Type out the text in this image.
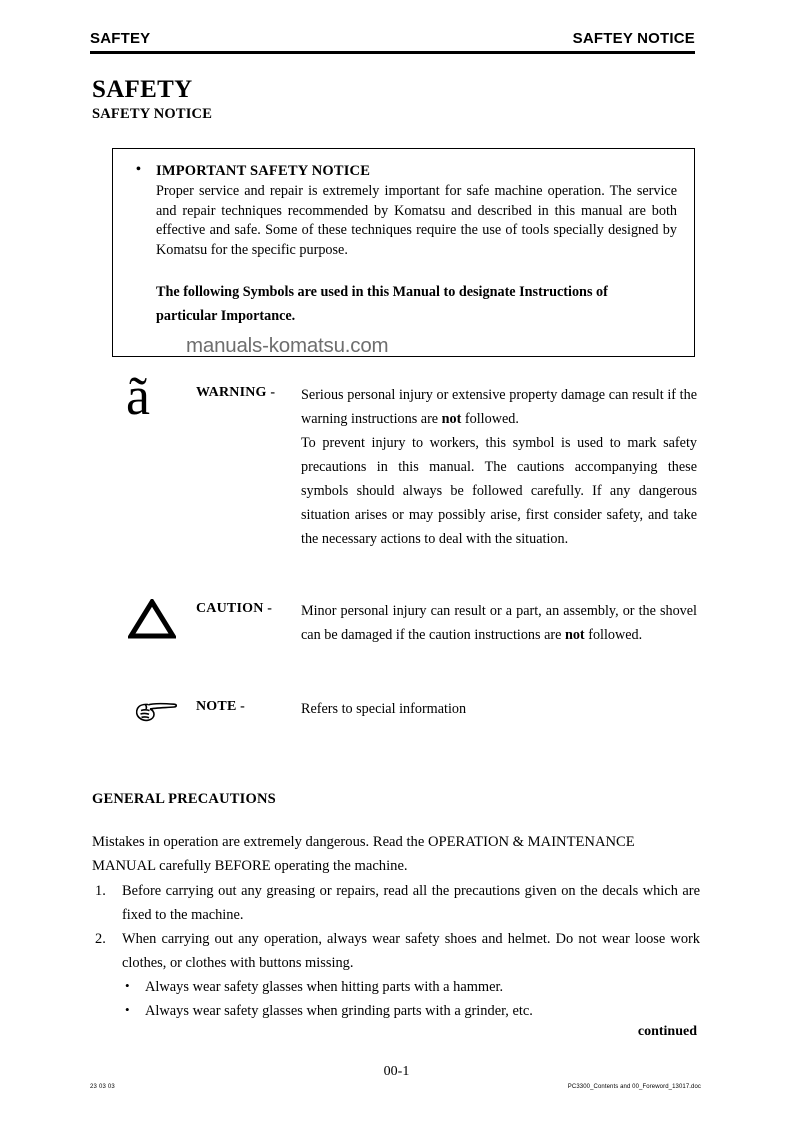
SAFTEY	SAFTEY NOTICE
SAFETY
SAFETY NOTICE
• IMPORTANT SAFETY NOTICE
Proper service and repair is extremely important for safe machine operation. The service and repair techniques recommended by Komatsu and described in this manual are both effective and safe. Some of these techniques require the use of tools specially designed by Komatsu for the specific purpose.
The following Symbols are used in this Manual to designate Instructions of
particular Importance.
manuals-komatsu.com
ã	WARNING -	Serious personal injury or extensive property damage can result if the warning instructions are not followed.
To prevent injury to workers, this symbol is used to mark safety precautions in this manual. The cautions accompanying these symbols should always be followed carefully. If any dangerous situation arises or may possibly arise, first consider safety, and take the necessary actions to deal with the situation.
CAUTION -	Minor personal injury can result or a part, an assembly, or the shovel can be damaged if the caution instructions are not followed.
NOTE -	Refers to special information
GENERAL PRECAUTIONS
Mistakes in operation are extremely dangerous. Read the OPERATION & MAINTENANCE MANUAL carefully BEFORE operating the machine.
1. Before carrying out any greasing or repairs, read all the precautions given on the decals which are fixed to the machine.
2. When carrying out any operation, always wear safety shoes and helmet. Do not wear loose work clothes, or clothes with buttons missing.
• Always wear safety glasses when hitting parts with a hammer.
• Always wear safety glasses when grinding parts with a grinder, etc.
continued
00-1
23 03 03	PC3300_Contents and 00_Foreword_13017.doc
